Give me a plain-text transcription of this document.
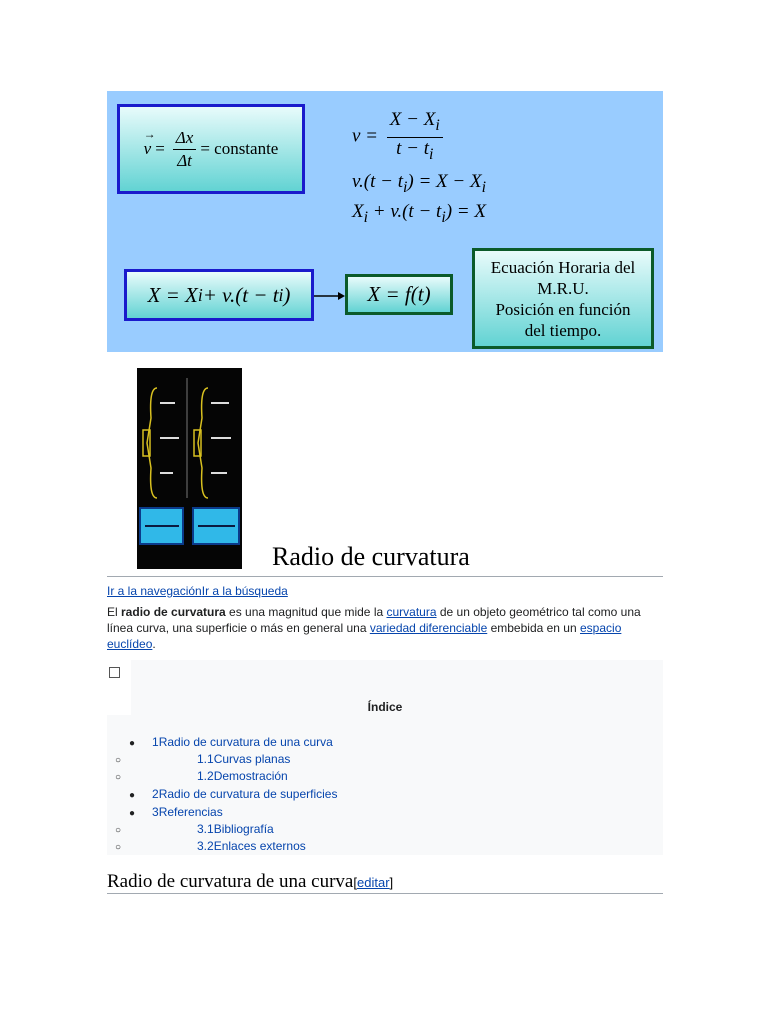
→
$v = \frac{\Delta x}{\Delta t}$ = constante
$v = \frac{X - X_i}{t - t_i}$
$v.(t - t_i) = X - X_i$
$X_i + v.(t - t_i) = X$
X = X i + v.(t − t i )	X = f(t)
Ecuación Horaria del
M.R.U.
Posición en función
del tiempo.
Radio de curvatura
Ir a la navegaciónIr a la búsqueda

El radio de curvatura es una magnitud que mide la curvatura de un objeto geométrico tal como una línea curva, una superficie o más en general una variedad diferenciable embebida en un espacio euclídeo.

Índice
● 1Radio de curvatura de una curva
○	1.1Curvas planas
○	1.2Demostración
● 2Radio de curvatura de superficies
● 3Referencias
○	3.1Bibliografía
○	3.2Enlaces externos
Radio de curvatura de una curva[editar]
